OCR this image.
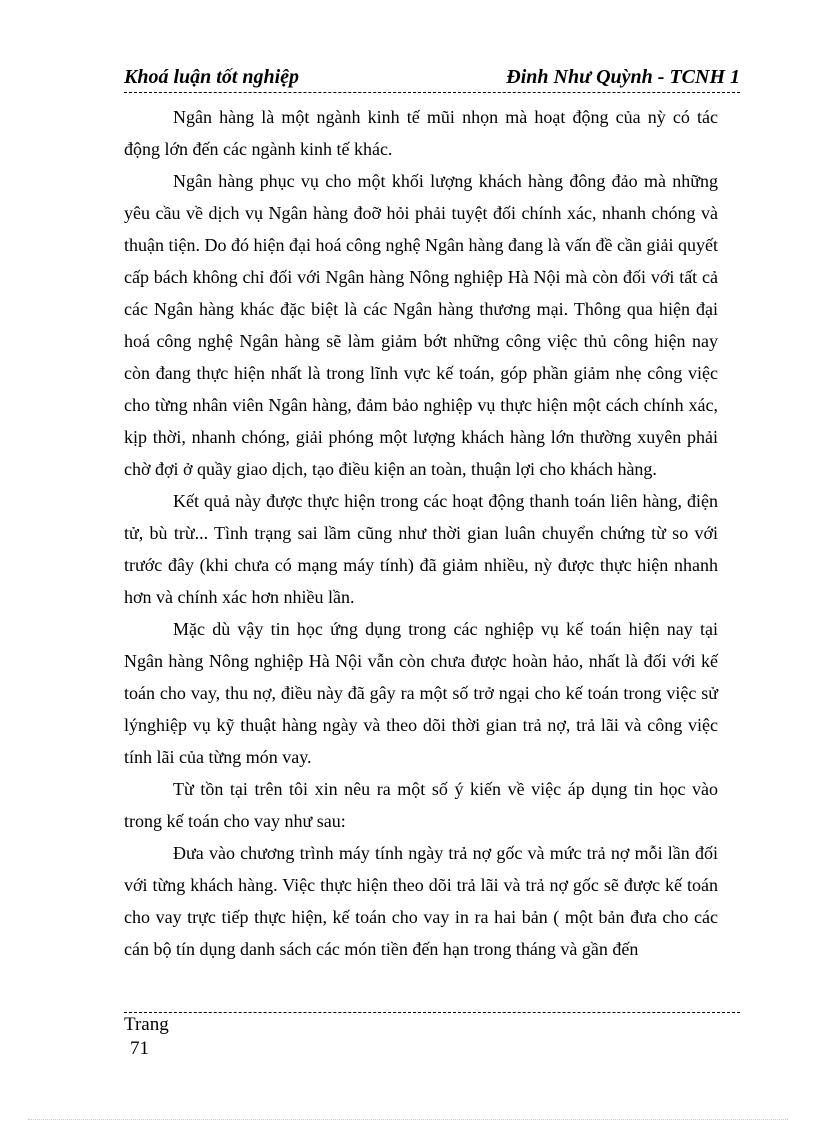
Khoá luận tốt nghiệp	Đinh Như Quỳnh - TCNH 1

Ngân hàng là một ngành kinh tế mũi nhọn mà hoạt động của nỳ có tác động lớn đến các ngành kinh tế khác.

Ngân hàng phục vụ cho một khối lượng khách hàng đông đảo mà những yêu cầu về dịch vụ Ngân hàng đoỡ hỏi phải tuyệt đối chính xác, nhanh chóng và thuận tiện. Do đó hiện đại hoá công nghệ Ngân hàng đang là vấn đề cần giải quyết cấp bách không chỉ đối với Ngân hàng Nông nghiệp Hà Nội mà còn đối với tất cả các Ngân hàng khác đặc biệt là các Ngân hàng thương mại. Thông qua hiện đại hoá công nghệ Ngân hàng sẽ làm giảm bớt những công việc thủ công hiện nay còn đang thực hiện nhất là trong lĩnh vực kế toán, góp phần giảm nhẹ công việc cho từng nhân viên Ngân hàng, đảm bảo nghiệp vụ thực hiện một cách chính xác, kịp thời, nhanh chóng, giải phóng một lượng khách hàng lớn thường xuyên phải chờ đợi ở quầy giao dịch, tạo điều kiện an toàn, thuận lợi cho khách hàng.

Kết quả này được thực hiện trong các hoạt động thanh toán liên hàng, điện tử, bù trừ... Tình trạng sai lầm cũng như thời gian luân chuyển chứng từ so với trước đây (khi chưa có mạng máy tính) đã giảm nhiều, nỳ được thực hiện nhanh hơn và chính xác hơn nhiều lần.

Mặc dù vậy tin học ứng dụng trong các nghiệp vụ kế toán hiện nay tại Ngân hàng Nông nghiệp Hà Nội vẫn còn chưa được hoàn hảo, nhất là đối với kế toán cho vay, thu nợ, điều này đã gây ra một số trở ngại cho kế toán trong việc sử lýnghiệp vụ kỹ thuật hàng ngày và theo dõi thời gian trả nợ, trả lãi và công việc tính lãi của từng món vay.

Từ tồn tại trên tôi xin nêu ra một số ý kiến về việc áp dụng tin học vào trong kế toán cho vay như sau:

Đưa vào chương trình máy tính ngày trả nợ gốc và mức trả nợ mỗi lần đối với từng khách hàng. Việc thực hiện theo dõi trả lãi và trả nợ gốc sẽ được kế toán cho vay trực tiếp thực hiện, kế toán cho vay in ra hai bản ( một bản đưa cho các cán bộ tín dụng danh sách các món tiền đến hạn trong tháng và gần đến

Trang
71
